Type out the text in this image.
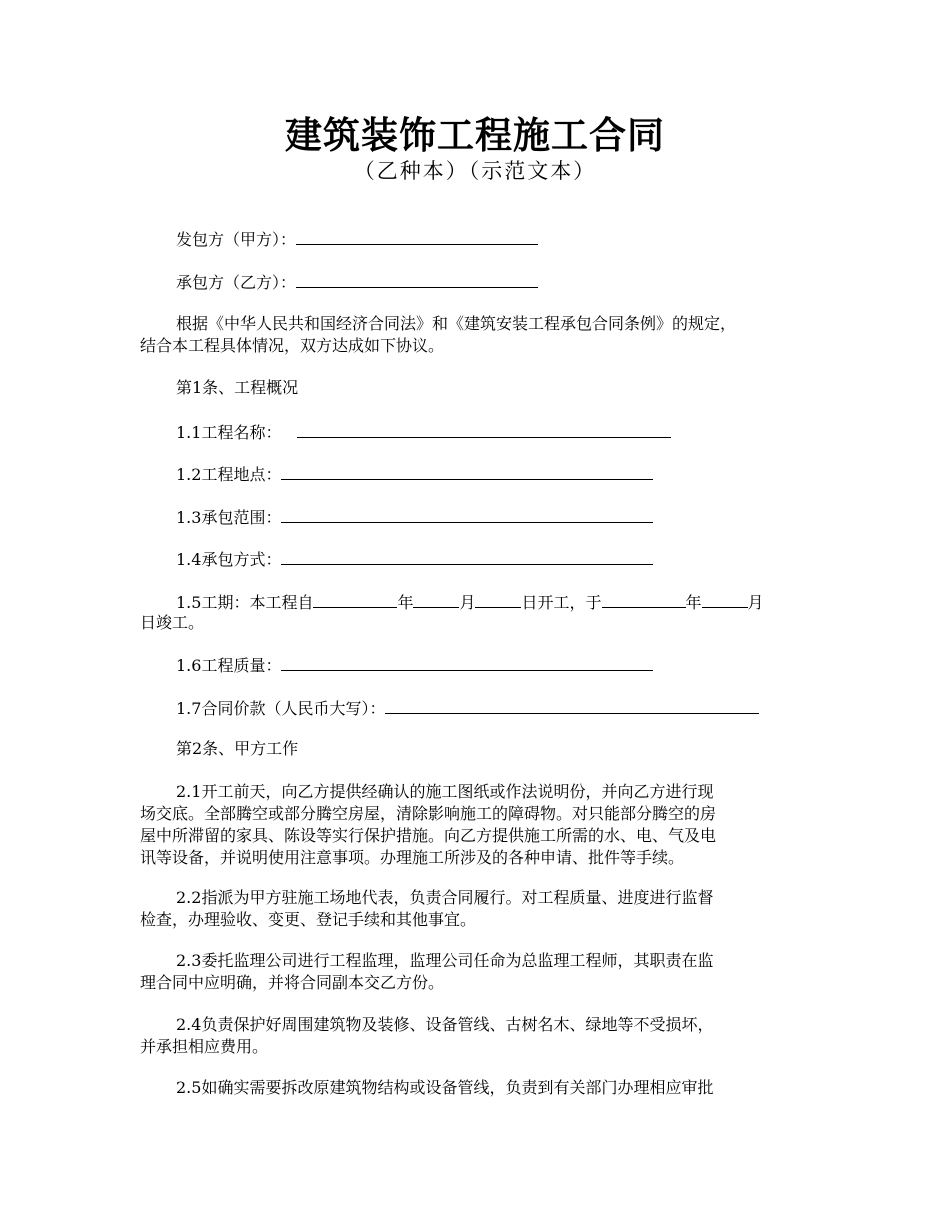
建筑装饰工程施工合同
（乙种本）（示范文本）
发包方（甲方）：
承包方（乙方）：
根据《中华人民共和国经济合同法》和《建筑安装工程承包合同条例》的规定，
结合本工程具体情况，双方达成如下协议。
第1条、工程概况
1.1工程名称：
1.2工程地点：
1.3承包范围：
1.4承包方式：
1.5工期：本工程自	年	月	日开工，于	年	月
日竣工。
1.6工程质量：
1.7合同价款（人民币大写）：
第2条、甲方工作
2.1开工前天，向乙方提供经确认的施工图纸或作法说明份，并向乙方进行现
场交底。全部腾空或部分腾空房屋，清除影响施工的障碍物。对只能部分腾空的房
屋中所滞留的家具、陈设等实行保护措施。向乙方提供施工所需的水、电、气及电
讯等设备，并说明使用注意事项。办理施工所涉及的各种申请、批件等手续。
2.2指派为甲方驻施工场地代表，负责合同履行。对工程质量、进度进行监督
检查，办理验收、变更、登记手续和其他事宜。
2.3委托监理公司进行工程监理，监理公司任命为总监理工程师，其职责在监
理合同中应明确，并将合同副本交乙方份。
2.4负责保护好周围建筑物及装修、设备管线、古树名木、绿地等不受损坏，
并承担相应费用。
2.5如确实需要拆改原建筑物结构或设备管线，负责到有关部门办理相应审批
